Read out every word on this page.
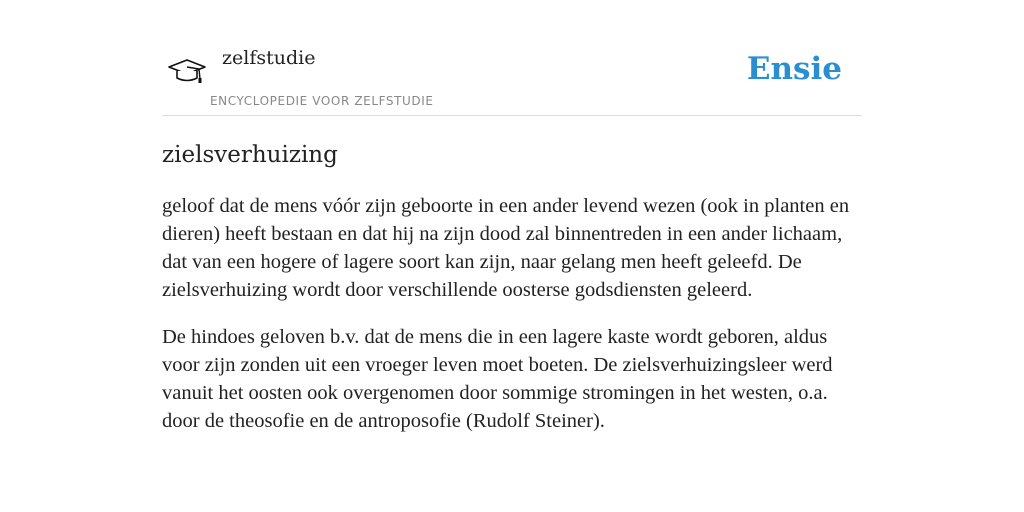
zelfstudie
ENCYCLOPEDIE VOOR ZELFSTUDIE
Ensie
zielsverhuizing

geloof dat de mens vóór zijn geboorte in een ander levend wezen (ook in planten en dieren) heeft bestaan en dat hij na zijn dood zal binnentreden in een ander lichaam, dat van een hogere of lagere soort kan zijn, naar gelang men heeft geleefd. De zielsverhuizing wordt door verschillende oosterse godsdiensten geleerd.

De hindoes geloven b.v. dat de mens die in een lagere kaste wordt geboren, aldus voor zijn zonden uit een vroeger leven moet boeten. De zielsverhuizingsleer werd vanuit het oosten ook overgenomen door sommige stromingen in het westen, o.a. door de theosofie en de antroposofie (Rudolf Steiner).
